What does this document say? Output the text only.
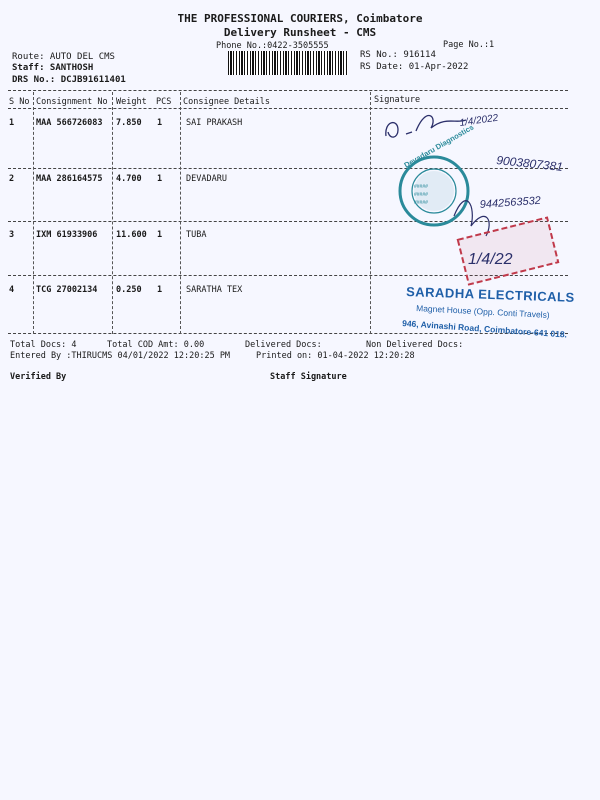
THE PROFESSIONAL COURIERS, Coimbatore
Delivery Runsheet - CMS
Phone No.:0422-3505555	Page No.:1
Route: AUTO DEL CMS
Staff: SANTHOSH
DRS No.: DCJB91611401
RS No.: 916114
RS Date: 01-Apr-2022
S No Consignment No Weight PCS Consignee Details	Signature
1	MAA 566726083 7.850 1	SAI PRAKASH
2	MAA 286164575 4.700 1	DEVADARU
3	IXM 61933906 11.600 1	TUBA
4	TCG 27002134 0.250 1	SARATHA TEX
Total Docs: 4	Total COD Amt: 0.00	Delivered Docs:	Non Delivered Docs:
Entered By :THIRUCMS 04/01/2022 12:20:25 PM	Printed on: 01-04-2022 12:20:28
Verified By	Staff Signature
1/4/2022
9003807381
#####
#####
#####
Devadaru Diagnostics
9442563532
1/4/22
SARADHA ELECTRICALS
Magnet House (Opp. Conti Travels)
946, Avinashi Road, Coimbatore-641 018.
